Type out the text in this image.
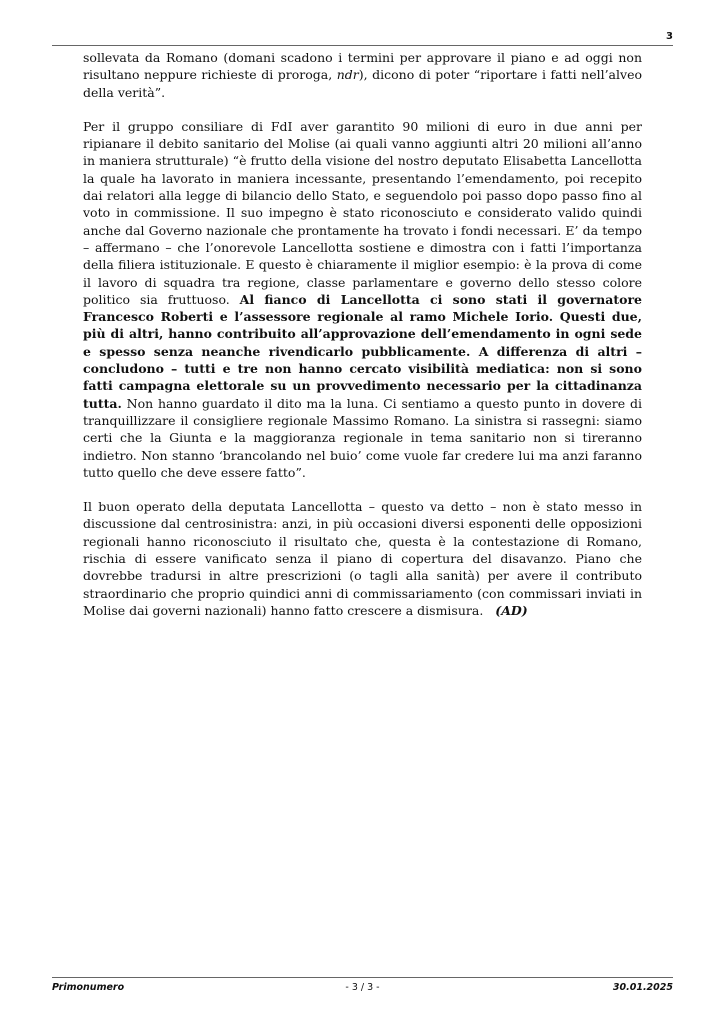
3

sollevata da Romano (domani scadono i termini per approvare il piano e ad oggi non risultano neppure richieste di proroga, ndr), dicono di poter “riportare i fatti nell’alveo della verità”.

Per il gruppo consiliare di FdI aver garantito 90 milioni di euro in due anni per ripianare il debito sanitario del Molise (ai quali vanno aggiunti altri 20 milioni all’anno in maniera strutturale) “è frutto della visione del nostro deputato Elisabetta Lancellotta la quale ha lavorato in maniera incessante, presentando l’emendamento, poi recepito dai relatori alla legge di bilancio dello Stato, e seguendolo poi passo dopo passo fino al voto in commissione. Il suo impegno è stato riconosciuto e considerato valido quindi anche dal Governo nazionale che prontamente ha trovato i fondi necessari. E’ da tempo – affermano – che l’onorevole Lancellotta sostiene e dimostra con i fatti l’importanza della filiera istituzionale. E questo è chiaramente il miglior esempio: è la prova di come il lavoro di squadra tra regione, classe parlamentare e governo dello stesso colore politico sia fruttuoso. Al fianco di Lancellotta ci sono stati il governatore Francesco Roberti e l’assessore regionale al ramo Michele Iorio. Questi due, più di altri, hanno contribuito all’approvazione dell’emendamento in ogni sede e spesso senza neanche rivendicarlo pubblicamente. A differenza di altri – concludono – tutti e tre non hanno cercato visibilità mediatica: non si sono fatti campagna elettorale su un provvedimento necessario per la cittadinanza tutta. Non hanno guardato il dito ma la luna. Ci sentiamo a questo punto in dovere di tranquillizzare il consigliere regionale Massimo Romano. La sinistra si rassegni: siamo certi che la Giunta e la maggioranza regionale in tema sanitario non si tireranno indietro. Non stanno ‘brancolando nel buio’ come vuole far credere lui ma anzi faranno tutto quello che deve essere fatto”.

Il buon operato della deputata Lancellotta – questo va detto – non è stato messo in discussione dal centrosinistra: anzi, in più occasioni diversi esponenti delle opposizioni regionali hanno riconosciuto il risultato che, questa è la contestazione di Romano, rischia di essere vanificato senza il piano di copertura del disavanzo. Piano che dovrebbe tradursi in altre prescrizioni (o tagli alla sanità) per avere il contributo straordinario che proprio quindici anni di commissariamento (con commissari inviati in Molise dai governi nazionali) hanno fatto crescere a dismisura. (AD)

Primonumero	- 3 / 3 -	30.01.2025
